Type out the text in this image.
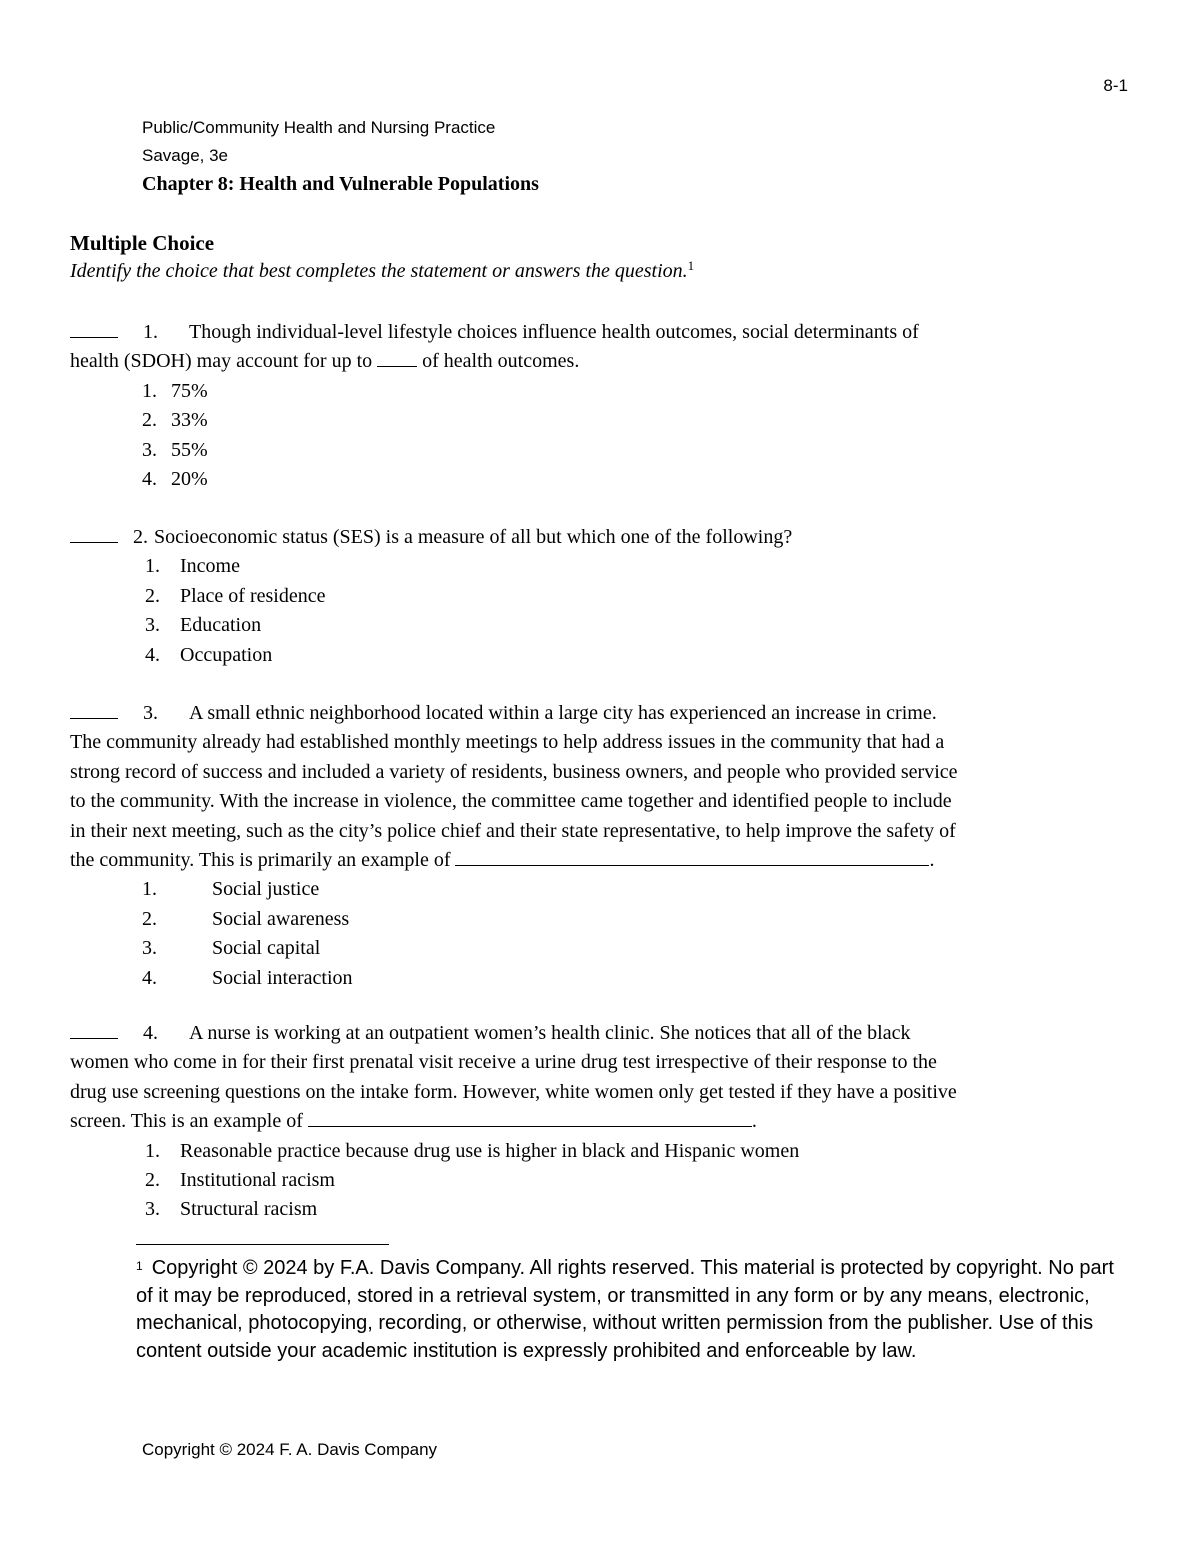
8-1
Public/Community Health and Nursing Practice
Savage, 3e
Chapter 8: Health and Vulnerable Populations
Multiple Choice
Identify the choice that best completes the statement or answers the question.$^1$
1. Though individual-level lifestyle choices influence health outcomes, social determinants of
health (SDOH) may account for up to	of health outcomes.
1. 75%
2. 33%
3. 55%
4. 20%
2. Socioeconomic status (SES) is a measure of all but which one of the following?
1. Income
2. Place of residence
3. Education
4. Occupation
3. A small ethnic neighborhood located within a large city has experienced an increase in crime.
The community already had established monthly meetings to help address issues in the community that had a
strong record of success and included a variety of residents, business owners, and people who provided service
to the community. With the increase in violence, the committee came together and identified people to include
in their next meeting, such as the city’s police chief and their state representative, to help improve the safety of
the community. This is primarily an example of	.
1.	Social justice
2.	Social awareness
3.	Social capital
4.	Social interaction
4. A nurse is working at an outpatient women’s health clinic. She notices that all of the black
women who come in for their first prenatal visit receive a urine drug test irrespective of their response to the
drug use screening questions on the intake form. However, white women only get tested if they have a positive
screen. This is an example of	.
1. Reasonable practice because drug use is higher in black and Hispanic women
2. Institutional racism
3. Structural racism
$^1$ Copyright © 2024 by F.A. Davis Company. All rights reserved. This material is protected by copyright. No part of it may be reproduced, stored in a retrieval system, or transmitted in any form or by any means, electronic, mechanical, photocopying, recording, or otherwise, without written permission from the publisher. Use of this content outside your academic institution is expressly prohibited and enforceable by law.
Copyright © 2024 F. A. Davis Company
